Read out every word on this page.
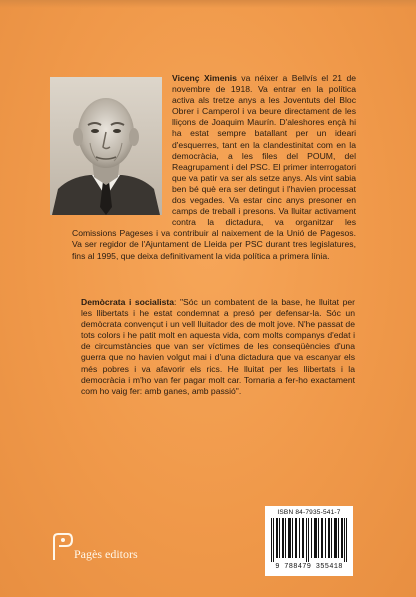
Vicenç Ximenis va néixer a Bellvís el 21 de novembre de 1918. Va entrar en la política activa als tretze anys a les Joventuts del Bloc Obrer i Camperol i va beure directament de les lliçons de Joaquim Maurín. D'aleshores ençà hi ha estat sempre batallant per un ideari d'esquerres, tant en la clandestinitat com en la democràcia, a les files del POUM, del Reagrupament i del PSC. El primer interrogatori que va patir va ser als setze anys. Als vint sabia ben bé què era ser detingut i l'havien processat dos vegades. Va estar cinc anys presoner en camps de treball i presons. Va lluitar activament contra la dictadura, va organitzar les Comissions Pageses i va contribuir al naixement de la Unió de Pagesos. Va ser regidor de l'Ajuntament de Lleida per PSC durant tres legislatures, fins al 1995, que deixa definitivament la vida política a primera línia.
Demòcrata i socialista: "Sóc un combatent de la base, he lluitat per les llibertats i he estat condemnat a presó per defensar-la. Sóc un demòcrata convençut i un vell lluitador des de molt jove. N'he passat de tots colors i he patit molt en aquesta vida, com molts companys d'edat i de circumstàncies que van ser víctimes de les conseqüències d'una guerra que no havien volgut mai i d'una dictadura que va escanyar els més pobres i va afavorir els rics. He lluitat per les llibertats i la democràcia i m'ho van fer pagar molt car. Tornaria a fer-ho exactament com ho vaig fer: amb ganes, amb passió".
ISBN 84-7935-541-7
9 788479 355418
Pagès editors
